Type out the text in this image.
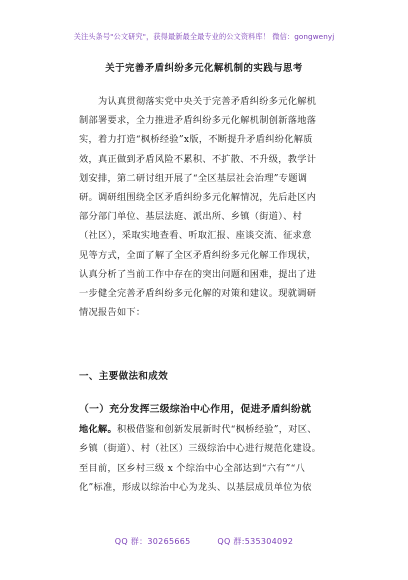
关注头条号"公文研究"，获得最新最全最专业的公文资料库！ 微信：gongwenyj
关于完善矛盾纠纷多元化解机制的实践与思考
为认真贯彻落实党中央关于完善矛盾纠纷多元化解机
制部署要求，全力推进矛盾纠纷多元化解机制创新落地落
实，着力打造“枫桥经验”x版，不断提升矛盾纠纷化解质
效，真正做到矛盾风险不累积、不扩散、不升级，教学计
划安排，第二研讨组开展了“全区基层社会治理”专题调
研。调研组围绕全区矛盾纠纷多元化解情况，先后赴区内
部分部门单位、基层法庭、派出所、乡镇（街道）、村
（社区），采取实地查看、听取汇报、座谈交流、征求意
见等方式，全面了解了全区矛盾纠纷多元化解工作现状，
认真分析了当前工作中存在的突出问题和困难，提出了进
一步健全完善矛盾纠纷多元化解的对策和建议。现就调研
情况报告如下：
一、主要做法和成效
（一）充分发挥三级综治中心作用，促进矛盾纠纷就
地化解。积极借鉴和创新发展新时代“枫桥经验”，对区、
乡镇（街道）、村（社区）三级综治中心进行规范化建设。
至目前，区乡村三级 x 个综治中心全部达到“六有”“八
化”标准，形成以综治中心为龙头、以基层成员单位为依
QQ 群：30265665	QQ 群:535304092
